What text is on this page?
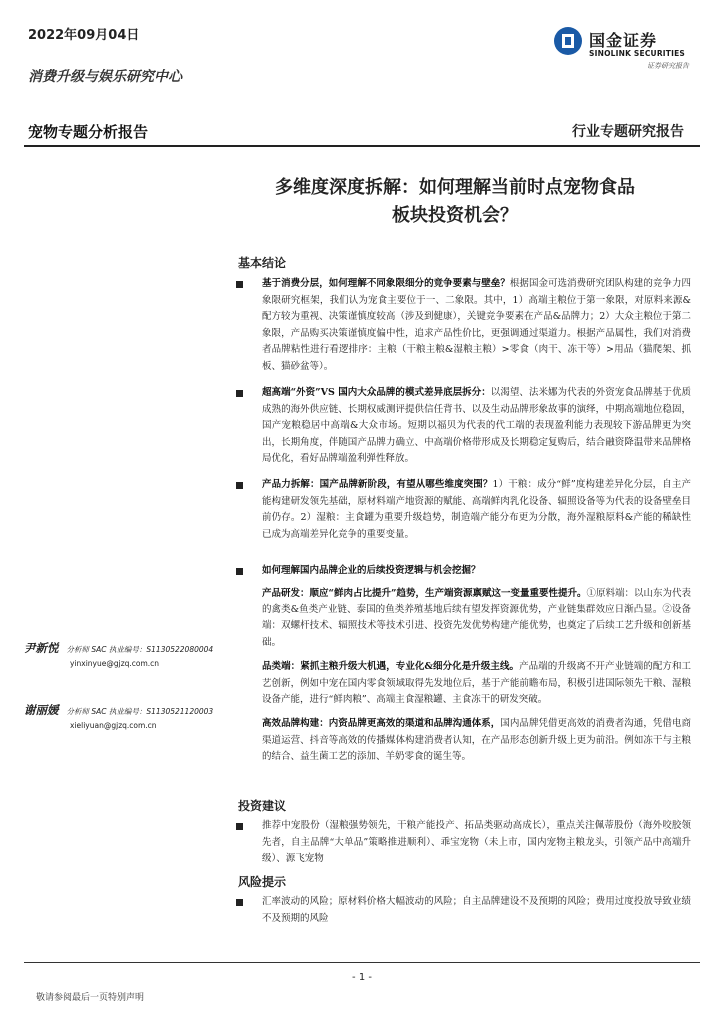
2022年09月04日
消费升级与娱乐研究中心
国金证券
SINOLINK SECURITIES
证券研究报告
宠物专题分析报告	行业专题研究报告
多维度深度拆解：如何理解当前时点宠物食品
板块投资机会？
基本结论
基于消费分层，如何理解不同象限细分的竞争要素与壁垒？根据国金可选消费研究团队构建的竞争力四象限研究框架，我们认为宠食主要位于一、二象限。其中，1）高端主粮位于第一象限，对原料来源&配方较为重视、决策谨慎度较高（涉及到健康），关键竞争要素在产品&品牌力；2）大众主粮位于第二象限，产品购买决策谨慎度偏中性，追求产品性价比，更强调通过渠道力。根据产品属性，我们对消费者品牌粘性进行看逻排序：主粮（干粮主粮&湿粮主粮）>零食（肉干、冻干等）>用品（猫爬架、抓板、猫砂盆等）。
超高端“外资”VS 国内大众品牌的模式差异底层拆分：以渴望、法米娜为代表的外资宠食品牌基于优质成熟的海外供应链、长期权威测评提供信任背书、以及生动品牌形象故事的演绎，中期高端地位稳固，国产宠粮稳居中高端&大众市场。短期以福贝为代表的代工端的表现盈利能力表现较下游品牌更为突出，长期角度，伴随国产品牌力确立、中高端价格带形成及长期稳定复购后，结合融资降温带来品牌格局优化，看好品牌端盈利弹性释放。
产品力拆解：国产品牌新阶段，有望从哪些维度突围？1）干粮：成分“鲜”度构建差异化分层，自主产能构建研发领先基础，原材料端产地资源的赋能、高端鲜肉乳化设备、辐照设备等为代表的设备壁垒目前仍存。2）湿粮：主食罐为重要升级趋势，制造端产能分布更为分散，海外湿粮原料&产能的稀缺性已成为高端差异化竞争的重要变量。
如何理解国内品牌企业的后续投资逻辑与机会挖掘？
产品研发：顺应“鲜肉占比提升”趋势，生产端资源禀赋这一变量重要性提升。①原料端：以山东为代表的禽类&鱼类产业链、泰国的鱼类养殖基地后续有望发挥资源优势，产业链集群效应日渐凸显。②设备端：双螺杆技术、辐照技术等技术引进、投资先发优势构建产能优势，也奠定了后续工艺升级和创新基础。
品类端：紧抓主粮升级大机遇，专业化&细分化是升级主线。产品端的升级离不开产业链端的配方和工艺创新，例如中宠在国内零食领域取得先发地位后，基于产能前瞻布局，积极引进国际领先干粮、湿粮设备产能，进行“鲜肉粮”、高端主食湿粮罐、主食冻干的研发突破。
高效品牌构建：内资品牌更高效的渠道和品牌沟通体系，国内品牌凭借更高效的消费者沟通，凭借电商渠道运营、抖音等高效的传播媒体构建消费者认知，在产品形态创新升级上更为前沿。例如冻干与主粮的结合、益生菌工艺的添加、羊奶零食的诞生等。
投资建议
推荐中宠股份（湿粮强势领先，干粮产能投产、拓品类驱动高成长），重点关注佩蒂股份（海外咬胶领先者，自主品牌“大单品”策略推进顺利）、乖宝宠物（未上市，国内宠物主粮龙头，引领产品中高端升级）、源飞宠物
风险提示
汇率波动的风险；原材料价格大幅波动的风险；自主品牌建设不及预期的风险；费用过度投放导致业绩不及预期的风险
尹新悦 分析师 SAC 执业编号：S1130522080004
yinxinyue@gjzq.com.cn
谢丽媛 分析师 SAC 执业编号：S1130521120003
xieliyuan@gjzq.com.cn
- 1 -
敬请参阅最后一页特别声明
